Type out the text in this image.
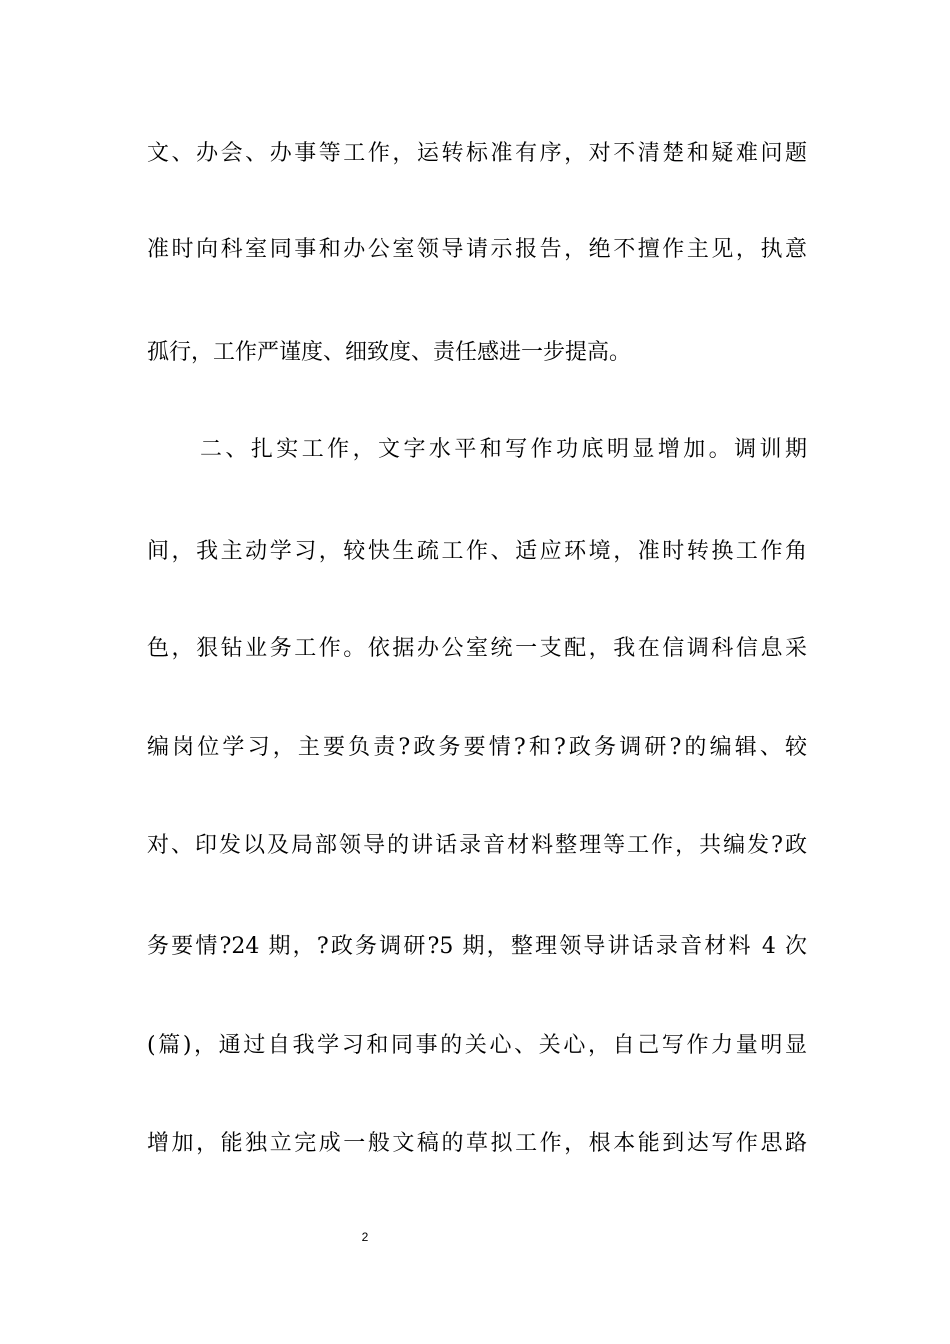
文、办会、办事等工作，运转标准有序，对不清楚和疑难问题
准时向科室同事和办公室领导请示报告，绝不擅作主见，执意
孤行，工作严谨度、细致度、责任感进一步提高。
二、扎实工作，文字水平和写作功底明显增加。调训期
间，我主动学习，较快生疏工作、适应环境，准时转换工作角
色，狠钻业务工作。依据办公室统一支配，我在信调科信息采
编岗位学习，主要负责?政务要情?和?政务调研?的编辑、较
对、印发以及局部领导的讲话录音材料整理等工作，共编发?政
务要情?24 期，?政务调研?5 期，整理领导讲话录音材料 4 次
(篇)，通过自我学习和同事的关心、关心，自己写作力量明显
增加，能独立完成一般文稿的草拟工作，根本能到达写作思路
2
